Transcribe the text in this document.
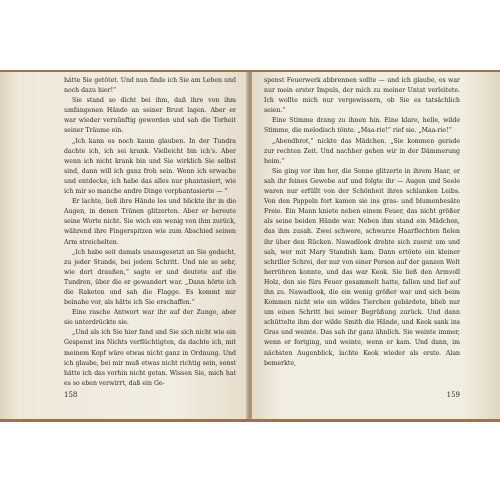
hätte Sie getötet. Und nun finde ich Sie am Leben und noch dazu hier!“

Sie stand so dicht bei ihm, daß ihre von ihm umfangenen Hände an seiner Brust lagen. Aber er war wieder vernünftig geworden und sah die Torheit seiner Träume ein.

„Ich kann es noch kaum glauben. In der Tundra dachte ich, ich sei krank. Vielleicht bin ich’s. Aber wenn ich nicht krank bin und Sie wirklich Sie selbst sind, dann will ich ganz froh sein. Wenn ich erwache und entdecke, ich habe das alles nur phantasiert, wie ich mir so manche andre Dinge vorphantasierte — “

Er lachte, ließ ihre Hände los und blickte ihr in die Augen, in denen Tränen glitzerten. Aber er bereute seine Worte nicht. Sie wich ein wenig von ihm zurück, während ihre Fingerspitzen wie zum Abschied seinen Arm streichelten.

„Ich habe seit damals unausgesetzt an Sie gedacht, zu jeder Stunde, bei jedem Schritt. Und nie so sehr, wie dort draußen,“ sagte er und deutete auf die Tundren, über die er gewandert war. „Dann hörte ich die Raketen und sah die Flagge. Es kommt mir beinahe vor, als hätte ich Sie erschaffen.“

Eine rasche Antwort war ihr auf der Zunge, aber sie unterdrückte sie.

„Und als ich Sie hier fand und Sie sich nicht wie ein Gespenst ins Nichts verflüchtigten, da dachte ich, mit meinem Kopf wäre etwas nicht ganz in Ordnung. Und ich glaube, bei mir muß etwas nicht richtig sein, sonst hätte ich das vorhin nicht getan. Wissen Sie, mich hat es so eben verwirrt, daß ein Ge-

158

spenst Feuerwerk abbrennen sollte — und ich glaube, es war nur mein erster Impuls, der mich zu meiner Untat verleitete. Ich wollte mich nur vergewissern, ob Sie es tatsächlich seien.“

Eine Stimme drang zu ihnen hin. Eine klare, helle, wilde Stimme, die melodisch tönte. „Maa-rie!“ rief sie. „Maa-rie!“

„Abendbrot,“ nickte das Mädchen. „Sie kommen gerade zur rechten Zeit. Und nachher gehen wir in der Dämmerung heim.“

Sie ging vor ihm her, die Sonne glitzerte in ihrem Haar, er sah ihr feines Gewebe auf und folgte ihr — Augen und Seele waren nur erfüllt von der Schönheit ihres schlanken Leibs. Von den Pappeln fort kamen sie ins gras- und blumenbesäte Freie. Ein Mann kniete neben einem Feuer, das nicht größer als seine beiden Hände war. Neben ihm stand ein Mädchen, das ihm zusah. Zwei schwere, schwarze Haarflechten fielen ihr über den Rücken. Nawadlook drehte sich zuerst um und sah, wer mit Mary Standish kam. Dann ertönte ein kleiner schriller Schrei, der nur von einer Person auf der ganzen Welt herrühren konnte, und das war Keok. Sie ließ den Armvoll Holz, den sie fürs Feuer gesammelt hatte, fallen und lief auf ihn zu. Nawadlook, die ein wenig größer war und sich beim Kommen nicht wie ein wildes Tierchen gebärdete, blieb nur um einen Schritt bei seiner Begrüßung zurück. Und dann schüttelte ihm der wilde Smith die Hände, und Keok sank ins Gras und weinte. Das sah ihr ganz ähnlich. Sie weinte immer, wenn er fortging, und weinte, wenn er kam. Und dann, im nächsten Augenblick, lachte Keok wieder als erste. Alan bemerkte,

159
